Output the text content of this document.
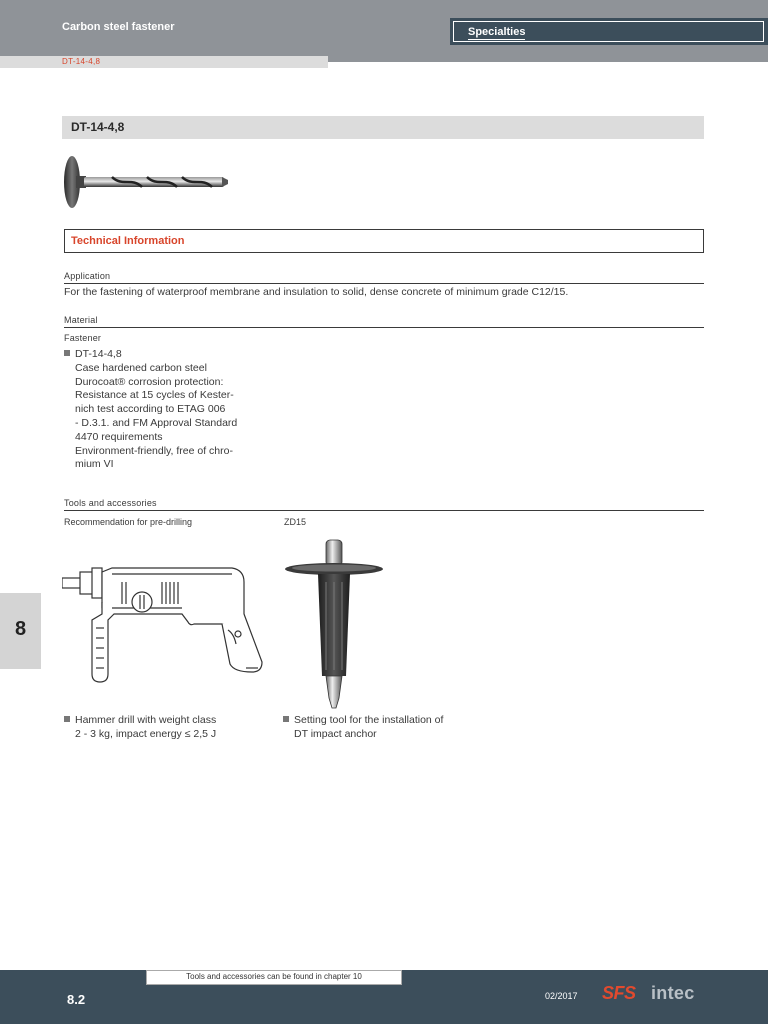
Carbon steel fastener	Specialties
DT-14-4,8
DT-14-4,8
Technical Information
Application
For the fastening of waterproof membrane and insulation to solid, dense concrete of minimum grade C12/15.
Material
Fastener
DT-14-4,8
Case hardened carbon steel
Durocoat® corrosion protection:
Resistance at 15 cycles of Kester-
nich test according to ETAG 006
- D.3.1. and FM Approval Standard
4470 requirements
Environment-friendly, free of chro-
mium VI
Tools and accessories
Recommendation for pre-drilling	ZD15
8
Hammer drill with weight class
2 - 3 kg, impact energy ≤ 2,5 J
Setting tool for the installation of
DT impact anchor
Tools and accessories can be found in chapter 10
8.2	02/2017 SFS intec
